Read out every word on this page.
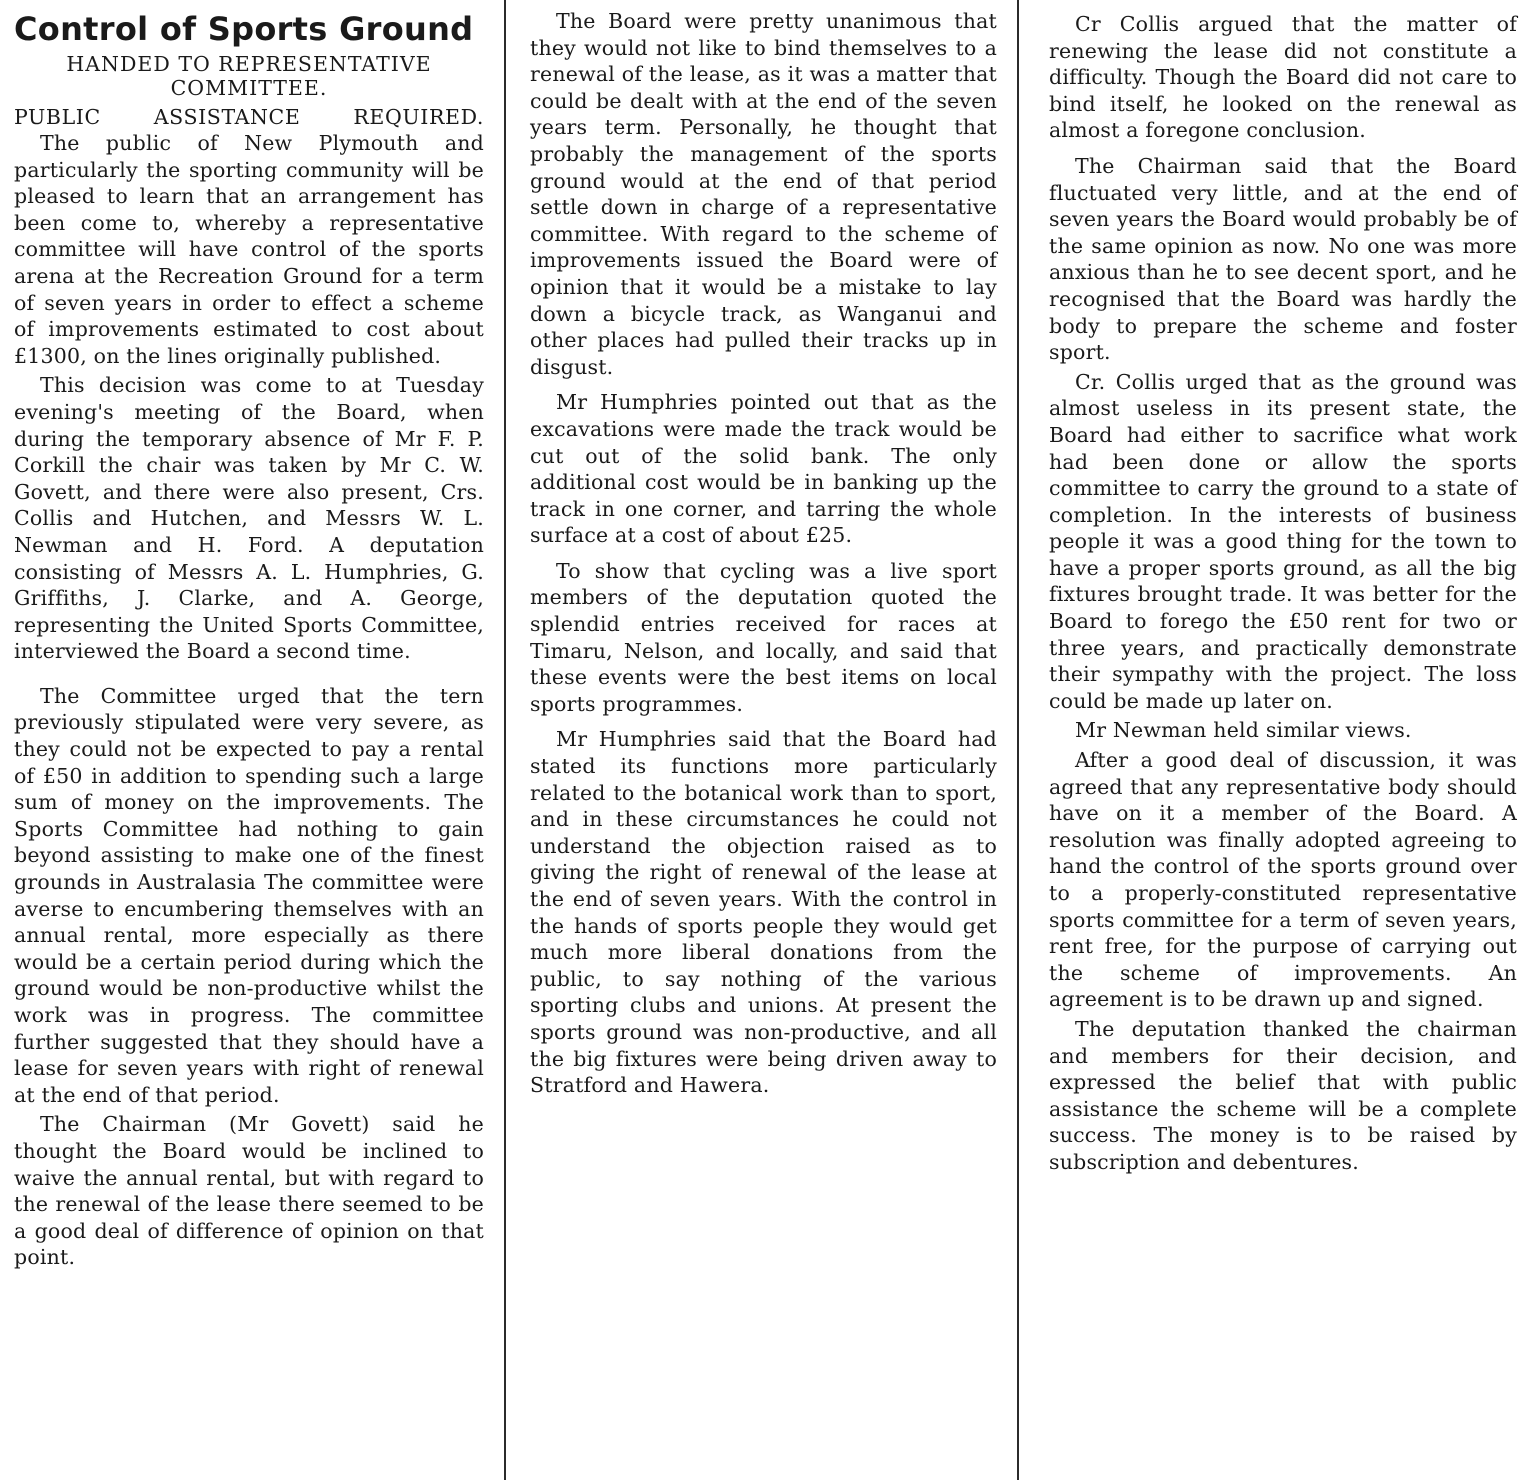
Control of Sports Ground

HANDED TO REPRESENTATIVE COMMITTEE.

PUBLIC ASSISTANCE REQUIRED.

The public of New Plymouth and particularly the sporting community will be pleased to learn that an arrangement has been come to, whereby a representative committee will have control of the sports arena at the Recreation Ground for a term of seven years in order to effect a scheme of improvements estimated to cost about £1300, on the lines originally published.

This decision was come to at Tuesday evening's meeting of the Board, when during the temporary absence of Mr F. P. Corkill the chair was taken by Mr C. W. Govett, and there were also present, Crs. Collis and Hutchen, and Messrs W. L. Newman and H. Ford. A deputation consisting of Messrs A. L. Humphries, G. Griffiths, J. Clarke, and A. George, representing the United Sports Committee, interviewed the Board a second time.

The Committee urged that the tern previously stipulated were very severe, as they could not be expected to pay a rental of £50 in addition to spending such a large sum of money on the improvements. The Sports Committee had nothing to gain beyond assisting to make one of the finest grounds in Australasia The committee were averse to encumbering themselves with an annual rental, more especially as there would be a certain period during which the ground would be non-productive whilst the work was in progress. The committee further suggested that they should have a lease for seven years with right of renewal at the end of that period.

The Chairman (Mr Govett) said he thought the Board would be inclined to waive the annual rental, but with regard to the renewal of the lease there seemed to be a good deal of difference of opinion on that point.

The Board were pretty unanimous that they would not like to bind themselves to a renewal of the lease, as it was a matter that could be dealt with at the end of the seven years term. Personally, he thought that probably the management of the sports ground would at the end of that period settle down in charge of a representative committee. With regard to the scheme of improvements issued the Board were of opinion that it would be a mistake to lay down a bicycle track, as Wanganui and other places had pulled their tracks up in disgust.

Mr Humphries pointed out that as the excavations were made the track would be cut out of the solid bank. The only additional cost would be in banking up the track in one corner, and tarring the whole surface at a cost of about £25.

To show that cycling was a live sport members of the deputation quoted the splendid entries received for races at Timaru, Nelson, and locally, and said that these events were the best items on local sports programmes.

Mr Humphries said that the Board had stated its functions more particularly related to the botanical work than to sport, and in these circumstances he could not understand the objection raised as to giving the right of renewal of the lease at the end of seven years. With the control in the hands of sports people they would get much more liberal donations from the public, to say nothing of the various sporting clubs and unions. At present the sports ground was non-productive, and all the big fixtures were being driven away to Stratford and Hawera.

Cr Collis argued that the matter of renewing the lease did not constitute a difficulty. Though the Board did not care to bind itself, he looked on the renewal as almost a foregone conclusion.

The Chairman said that the Board fluctuated very little, and at the end of seven years the Board would probably be of the same opinion as now. No one was more anxious than he to see decent sport, and he recognised that the Board was hardly the body to prepare the scheme and foster sport.

Cr. Collis urged that as the ground was almost useless in its present state, the Board had either to sacrifice what work had been done or allow the sports committee to carry the ground to a state of completion. In the interests of business people it was a good thing for the town to have a proper sports ground, as all the big fixtures brought trade. It was better for the Board to forego the £50 rent for two or three years, and practically demonstrate their sympathy with the project. The loss could be made up later on.

Mr Newman held similar views.

After a good deal of discussion, it was agreed that any representative body should have on it a member of the Board. A resolution was finally adopted agreeing to hand the control of the sports ground over to a properly-constituted representative sports committee for a term of seven years, rent free, for the purpose of carrying out the scheme of improvements. An agreement is to be drawn up and signed.

The deputation thanked the chairman and members for their decision, and expressed the belief that with public assistance the scheme will be a complete success. The money is to be raised by subscription and debentures.
